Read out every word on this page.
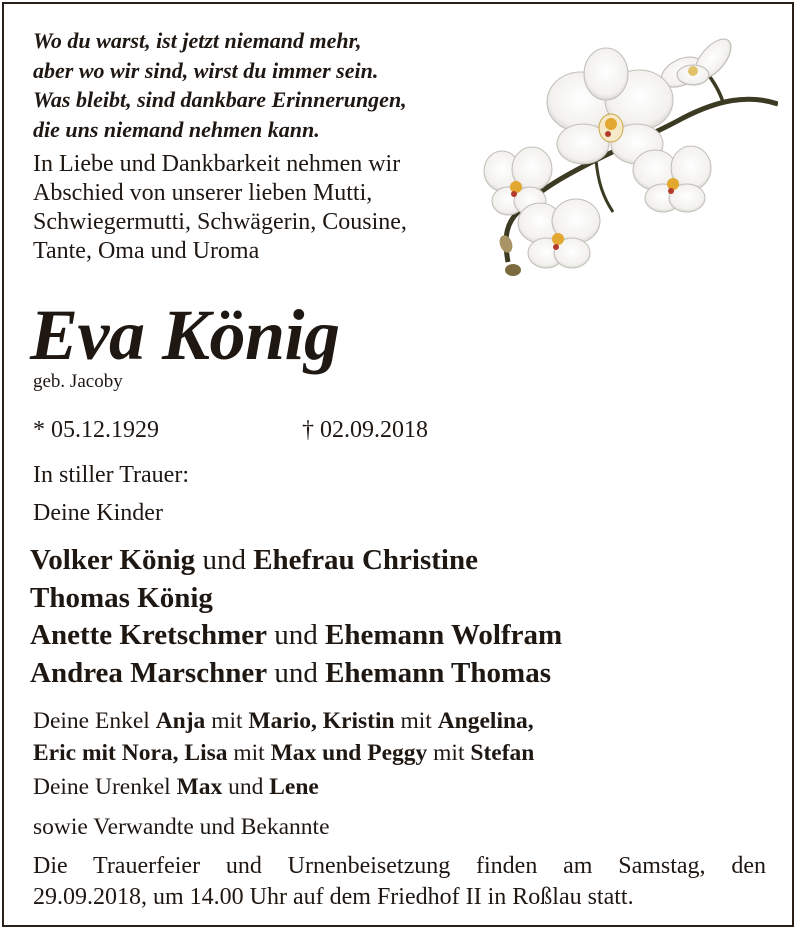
Wo du warst, ist jetzt niemand mehr,
aber wo wir sind, wirst du immer sein.
Was bleibt, sind dankbare Erinnerungen,
die uns niemand nehmen kann.
In Liebe und Dankbarkeit nehmen wir
Abschied von unserer lieben Mutti,
Schwiegermutti, Schwägerin, Cousine,
Tante, Oma und Uroma
Eva König
geb. Jacoby
* 05.12.1929	† 02.09.2018
In stiller Trauer:
Deine Kinder
Volker König und Ehefrau Christine
Thomas König
Anette Kretschmer und Ehemann Wolfram
Andrea Marschner und Ehemann Thomas
Deine Enkel Anja mit Mario, Kristin mit Angelina,
Eric mit Nora, Lisa mit Max und Peggy mit Stefan
Deine Urenkel Max und Lene
sowie Verwandte und Bekannte
Die Trauerfeier und Urnenbeisetzung finden am Samstag, den
29.09.2018, um 14.00 Uhr auf dem Friedhof II in Roßlau statt.
